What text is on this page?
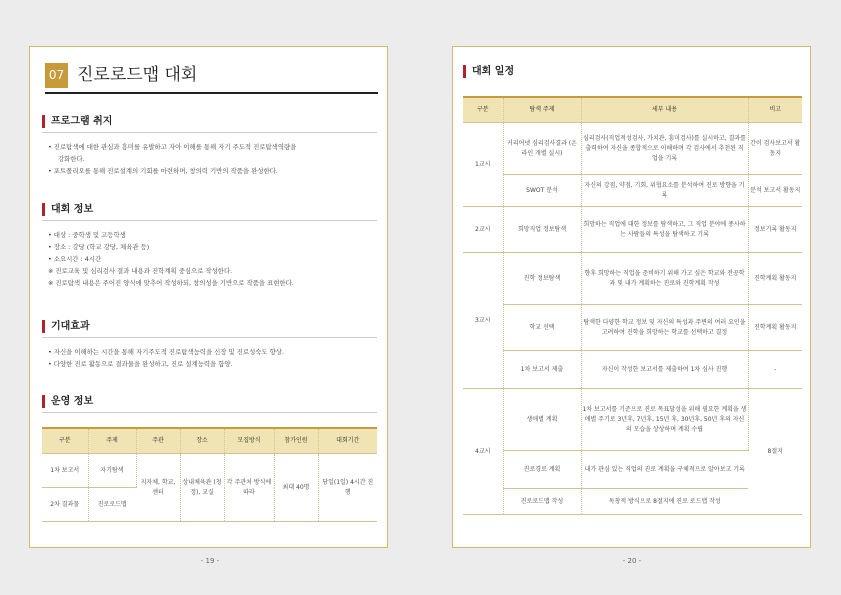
07 진로로드맵 대회
프로그램 취지

• 진로탐색에 대한 관심과 흥미를 유발하고 자아 이해를 통해 자기 주도적 진로탐색역량을

강화한다.

• 포트폴리오를 통해 진로설계의 기회를 마련하며, 창의력 기반의 작품을 완성한다.

대회 정보

• 대상 : 중학생 및 고등학생

• 장소 : 강당 (학교 강당, 체육관 등)

• 소요시간 : 4시간

※ 진로교육 및 심리검사 결과 내용과 진학계획 중심으로 작성한다.

※ 진로탐색 내용은 주어진 양식에 맞추어 작성하되, 창의성을 기반으로 작품을 표현한다.

기대효과

• 자신을 이해하는 시간을 통해 자기주도적 진로탐색능력을 신장 및 진로성숙도 향상.

• 다양한 진로 활동으로 결과물을 완성하고, 진로 설계능력을 함양.

운영 정보
구분	주제	주관	장소	모집방식	참가인원	대회기간
1차 보고서	자기탐색	지자체, 학교, 센터	상내체육관 (청정), 교실	각 주관처 방식에 따라	최대 40명	당일(1일) 4시간 진행
2차 결과물	진로로드맵					
- 19 -
대회 일정
구분	탐색 주제	세부 내용	비고
1교시	커리어넷 심리검사결과 (온라인 개별 실시)	심리검사(직업적성검사, 가치관, 흥미검사)를 실시하고, 결과를 출력하여 자신을 종합적으로 이해하며 각 검사에서 추천된 직업을 기록	간이 검사보고서 활동지
	SWOT 분석	자신의 강점, 약점, 기회, 위협요소를 분석하여 진로 방향을 기록	분석 보고서 활동지
2교시	희망직업 정보탐색	희망하는 직업에 대한 정보를 탐색하고, 그 직업 분야에 종사하는 사람들의 특성을 탐색하고 기록	정보기록 활동지
3교시	진학 정보탐색	향후 희망하는 직업을 준비하기 위해 가고 싶은 학교와 전공학과 및 내가 계획하는 진로와 진학계획 작성	진학계획 활동지
	학교 선택	탐색한 다양한 학교 정보 및 자신의 특성과 주변의 여러 요인을 고려하여 진학을 희망하는 학교를 선택하고 결정	진학계획 활동지
	1차 보고서 제출	자신이 작성한 보고서를 제출하여 1차 심사 진행	-
4교시	생애별 계획	1차 보고서를 기준으로 진로 목표달성을 위해 필요한 계획을 생애별 주기로 3년후, 7년후, 15년 후, 30년후, 50년 후의 자신의 모습을 상상하며 계획 수립	8절지
	진로경로 계획	내가 관심 있는 직업의 진로 계획을 구체적으로 알아보고 기록	
	진로로드맵 작성	독창적 방식으로 8절지에 진로 로드맵 작성	
- 20 -
